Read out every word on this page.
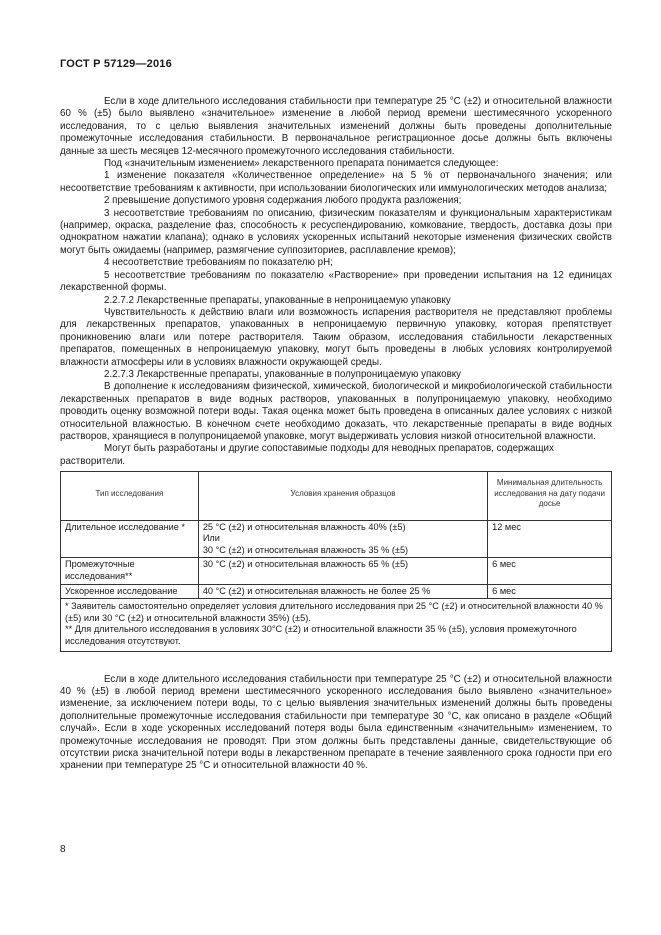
ГОСТ Р 57129—2016

Если в ходе длительного исследования стабильности при температуре 25 °С (±2) и относительной влажности 60 % (±5) было выявлено «значительное» изменение в любой период времени шестимесячного ускоренного исследования, то с целью выявления значительных изменений должны быть проведены дополнительные промежуточные исследования стабильности. В первоначальное регистрационное досье должны быть включены данные за шесть месяцев 12-месячного промежуточного исследования стабильности.

Под «значительным изменением» лекарственного препарата понимается следующее:

1 изменение показателя «Количественное определение» на 5 % от первоначального значения; или несоответствие требованиям к активности, при использовании биологических или иммунологических методов анализа;

2 превышение допустимого уровня содержания любого продукта разложения;

3 несоответствие требованиям по описанию, физическим показателям и функциональным характеристикам (например, окраска, разделение фаз, способность к ресуспендированию, комкование, твердость, доставка дозы при однократном нажатии клапана); однако в условиях ускоренных испытаний некоторые изменения физических свойств могут быть ожидаемы (например, размягчение суппозиториев, расплавление кремов);

4 несоответствие требованиям по показателю рН;

5 несоответствие требованиям по показателю «Растворение» при проведении испытания на 12 единицах лекарственной формы.

2.2.7.2 Лекарственные препараты, упакованные в непроницаемую упаковку

Чувствительность к действию влаги или возможность испарения растворителя не представляют проблемы для лекарственных препаратов, упакованных в непроницаемую первичную упаковку, которая препятствует проникновению влаги или потере растворителя. Таким образом, исследования стабильности лекарственных препаратов, помещенных в непроницаемую упаковку, могут быть проведены в любых условиях контролируемой влажности атмосферы или в условиях влажности окружающей среды.

2.2.7.3 Лекарственные препараты, упакованные в полупроницаемую упаковку

В дополнение к исследованиям физической, химической, биологической и микробиологической стабильности лекарственных препаратов в виде водных растворов, упакованных в полупроницаемую упаковку, необходимо проводить оценку возможной потери воды. Такая оценка может быть проведена в описанных далее условиях с низкой относительной влажностью. В конечном счете необходимо доказать, что лекарственные препараты в виде водных растворов, хранящиеся в полупроницаемой упаковке, могут выдерживать условия низкой относительной влажности.

Могут быть разработаны и другие сопоставимые подходы для неводных препаратов, содержащих растворители.

Тип исследования	Условия хранения образцов	Минимальная длительность исследования на дату подачи досье
Длительное исследование *	25 °С (±2) и относительная влажность 40% (±5)
Или
30 °С (±2) и относительная влажность 35 % (±5)	12 мес
Промежуточные исследования**	30 °С (±2) и относительная влажность 65 % (±5)	6 мес
Ускоренное исследование	40 °С (±2) и относительная влажность не более 25 %	6 мес

* Заявитель самостоятельно определяет условия длительного исследования при 25 °С (±2) и относительной влажности 40 % (±5) или 30 °С (±2) и относительной влажности 35%) (±5).
** Для длительного исследования в условиях 30°С (±2) и относительной влажности 35 % (±5), условия промежуточного исследования отсутствуют.		

Если в ходе длительного исследования стабильности при температуре 25 °С (±2) и относительной влажности 40 % (±5) в любой период времени шестимесячного ускоренного исследования было выявлено «значительное» изменение, за исключением потери воды, то с целью выявления значительных изменений должны быть проведены дополнительные промежуточные исследования стабильности при температуре 30 °С, как описано в разделе «Общий случай». Если в ходе ускоренных исследований потеря воды была единственным «значительным» изменением, то промежуточные исследования не проводят. При этом должны быть представлены данные, свидетельствующие об отсутствии риска значительной потери воды в лекарственном препарате в течение заявленного срока годности при его хранении при температуре 25 °С и относительной влажности 40 %.

8
